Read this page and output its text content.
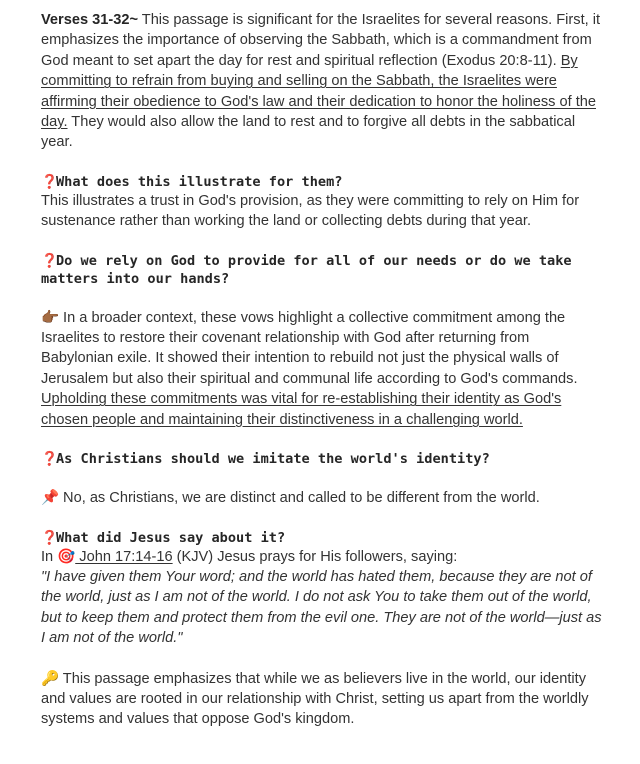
Verses 31-32~ This passage is significant for the Israelites for several reasons. First, it emphasizes the importance of observing the Sabbath, which is a commandment from God meant to set apart the day for rest and spiritual reflection (Exodus 20:8-11). By committing to refrain from buying and selling on the Sabbath, the Israelites were affirming their obedience to God's law and their dedication to honor the holiness of the day. They would also allow the land to rest and to forgive all debts in the sabbatical year.

❓What does this illustrate for them?

This illustrates a trust in God's provision, as they were committing to rely on Him for sustenance rather than working the land or collecting debts during that year.

❓Do we rely on God to provide for all of our needs or do we take matters into our hands?

👉🏾 In a broader context, these vows highlight a collective commitment among the Israelites to restore their covenant relationship with God after returning from Babylonian exile. It showed their intention to rebuild not just the physical walls of Jerusalem but also their spiritual and communal life according to God's commands. Upholding these commitments was vital for re-establishing their identity as God's chosen people and maintaining their distinctiveness in a challenging world.

❓As Christians should we imitate the world's identity?

📌 No, as Christians, we are distinct and called to be different from the world.

❓What did Jesus say about it?

In 🎯 John 17:14-16 (KJV) Jesus prays for His followers, saying:

"I have given them Your word; and the world has hated them, because they are not of the world, just as I am not of the world. I do not ask You to take them out of the world, but to keep them and protect them from the evil one. They are not of the world—just as I am not of the world."

🔑 This passage emphasizes that while we as believers live in the world, our identity and values are rooted in our relationship with Christ, setting us apart from the worldly systems and values that oppose God's kingdom.
